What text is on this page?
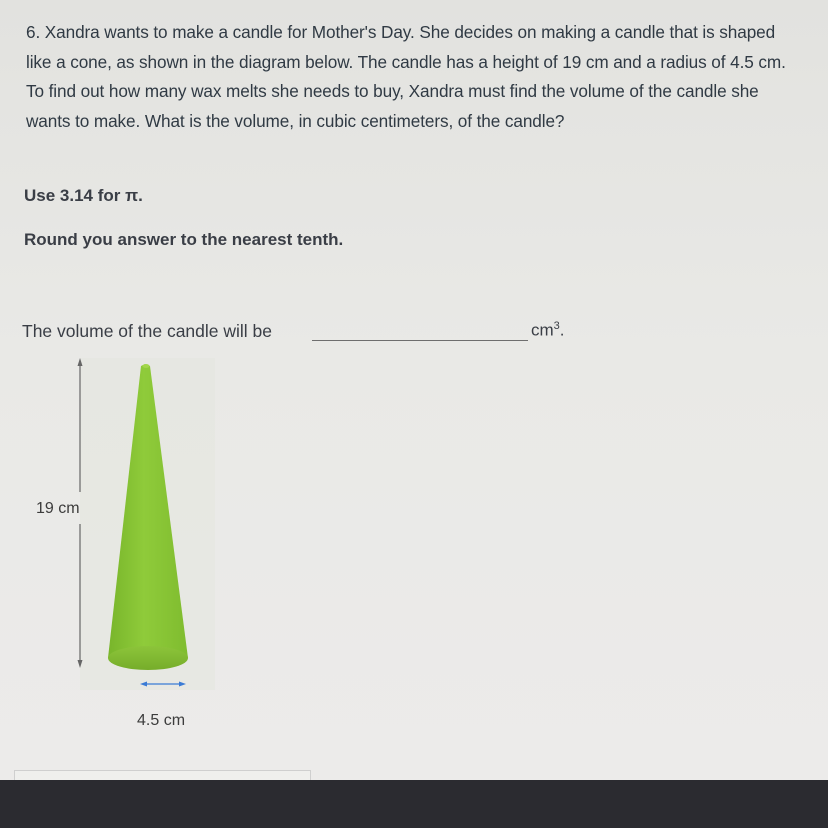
6. Xandra wants to make a candle for Mother's Day. She decides on making a candle that is shaped like a cone, as shown in the diagram below. The candle has a height of 19 cm and a radius of 4.5 cm. To find out how many wax melts she needs to buy, Xandra must find the volume of the candle she wants to make. What is the volume, in cubic centimeters, of the candle?

Use 3.14 for π.

Round you answer to the nearest tenth.

The volume of the candle will be	$cm^3$.
19 cm
4.5 cm
